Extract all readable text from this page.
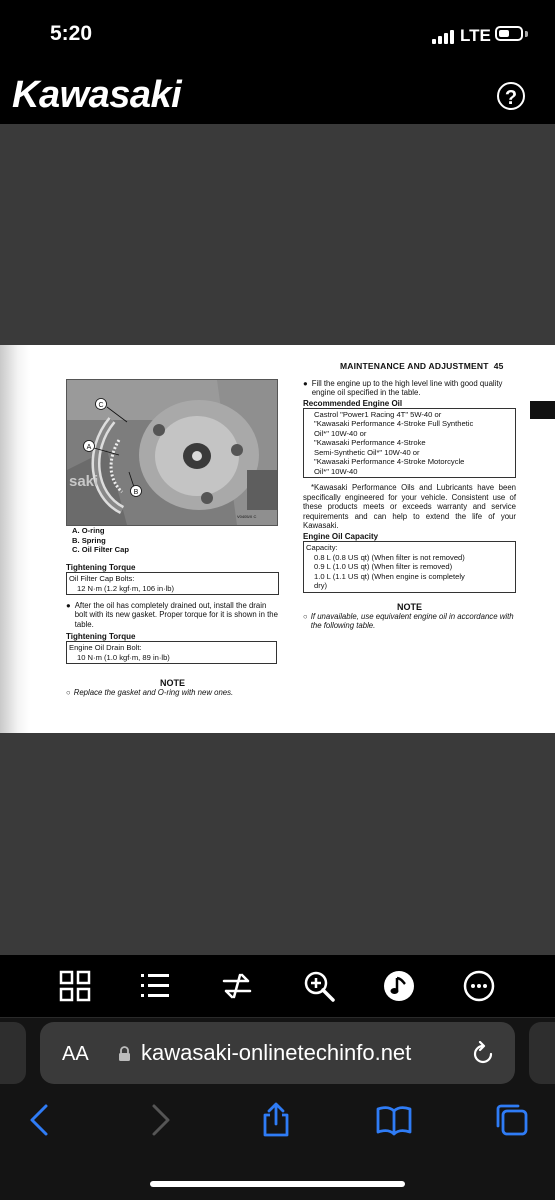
5:20	LTE
Kawasaki	?
MAINTENANCE AND ADJUSTMENT 45
saki
C
A
B
V0405/X C
A. O-ring
B. Spring
C. Oil Filter Cap

Tightening Torque

Oil Filter Cap Bolts:
12 N·m (1.2 kgf·m, 106 in·lb)
● After the oil has completely drained out, install the drain bolt with its new gasket. Proper torque for it is shown in the table.

Tightening Torque

Engine Oil Drain Bolt:
10 N·m (1.0 kgf·m, 89 in·lb)

NOTE

○ Replace the gasket and O-ring with new ones.
● Fill the engine up to the high level line with good quality engine oil specified in the table.

Recommended Engine Oil

Castrol "Power1 Racing 4T" 5W-40 or
"Kawasaki Performance 4-Stroke Full Synthetic
Oil*" 10W-40 or
"Kawasaki Performance 4-Stroke
Semi-Synthetic Oil*" 10W-40 or
"Kawasaki Performance 4-Stroke Motorcycle
Oil*" 10W-40
*Kawasaki Performance Oils and Lubricants have been specifically engineered for your vehicle. Consistent use of these products meets or exceeds warranty and service requirements and can help to extend the life of your Kawasaki.

Engine Oil Capacity

Capacity:
0.8 L (0.8 US qt) (When filter is not removed)
0.9 L (1.0 US qt) (When filter is removed)
1.0 L (1.1 US qt) (When engine is completely
dry)

NOTE

○ If unavailable, use equivalent engine oil in accordance with the following table.
AA kawasaki-onlinetechinfo.net
